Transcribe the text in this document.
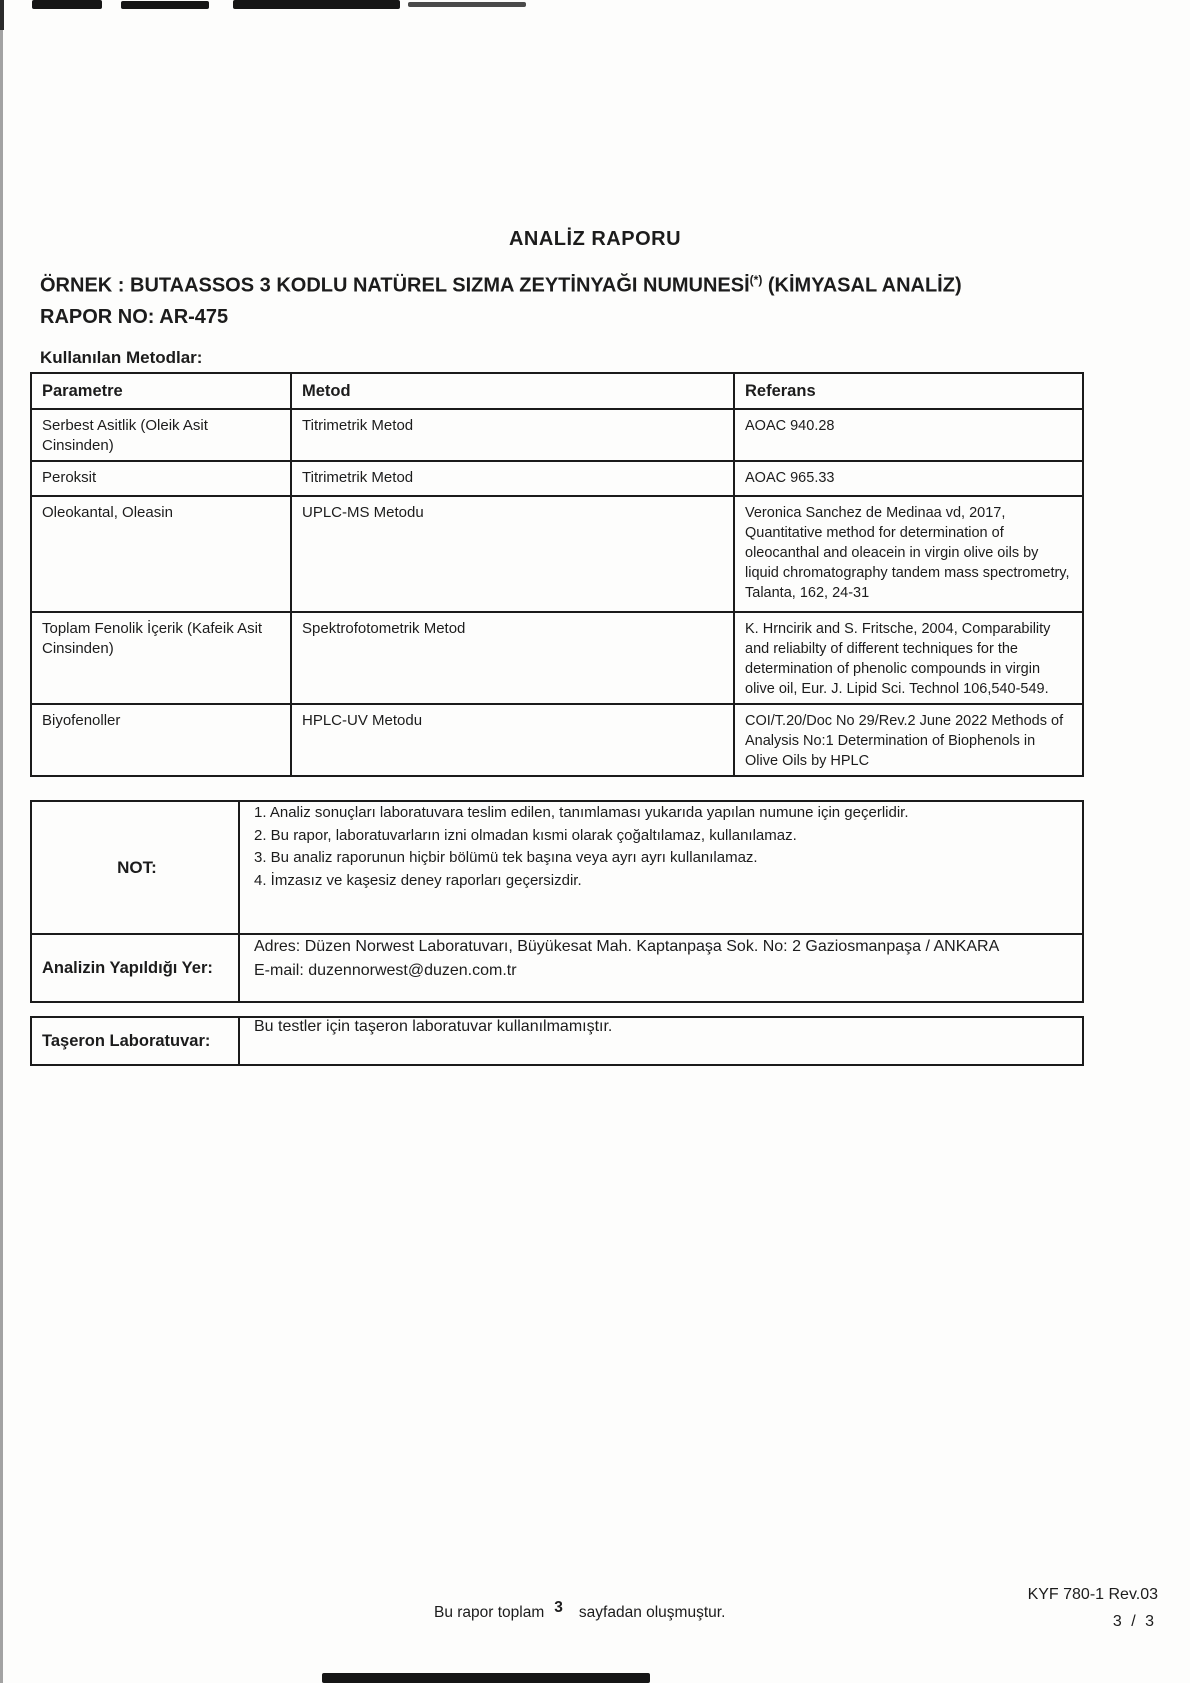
ANALİZ RAPORU
ÖRNEK : BUTAASSOS 3 KODLU NATÜREL SIZMA ZEYTİNYAĞI NUMUNESİ(*) (KİMYASAL ANALİZ)
RAPOR NO: AR-475
Kullanılan Metodlar:
Parametre	Metod	Referans
Serbest Asitlik (Oleik Asit Cinsinden)	Titrimetrik Metod	AOAC 940.28
Peroksit	Titrimetrik Metod	AOAC 965.33
Oleokantal, Oleasin	UPLC-MS Metodu	Veronica Sanchez de Medinaa vd, 2017, Quantitative method for determination of oleocanthal and oleacein in virgin olive oils by liquid chromatography tandem mass spectrometry, Talanta, 162, 24-31
Toplam Fenolik İçerik (Kafeik Asit Cinsinden)	Spektrofotometrik Metod	K. Hrncirik and S. Fritsche, 2004, Comparability and reliabilty of different techniques for the determination of phenolic compounds in virgin olive oil, Eur. J. Lipid Sci. Technol 106,540-549.
Biyofenoller	HPLC-UV Metodu	COI/T.20/Doc No 29/Rev.2 June 2022 Methods of Analysis No:1 Determination of Biophenols in Olive Oils by HPLC
NOT:	1. Analiz sonuçları laboratuvara teslim edilen, tanımlaması yukarıda yapılan numune için geçerlidir.
2. Bu rapor, laboratuvarların izni olmadan kısmi olarak çoğaltılamaz, kullanılamaz.
3. Bu analiz raporunun hiçbir bölümü tek başına veya ayrı ayrı kullanılamaz.
4. İmzasız ve kaşesiz deney raporları geçersizdir.

Analizin Yapıldığı Yer:	Adres: Düzen Norwest Laboratuvarı, Büyükesat Mah. Kaptanpaşa Sok. No: 2 Gaziosmanpaşa / ANKARA
E-mail: duzennorwest@duzen.com.tr
Taşeron Laboratuvar:	
Bu testler için taşeron laboratuvar kullanılmamıştır.
KYF 780-1 Rev.03
3 / 3
Bu rapor toplam 3 sayfadan oluşmuştur.
